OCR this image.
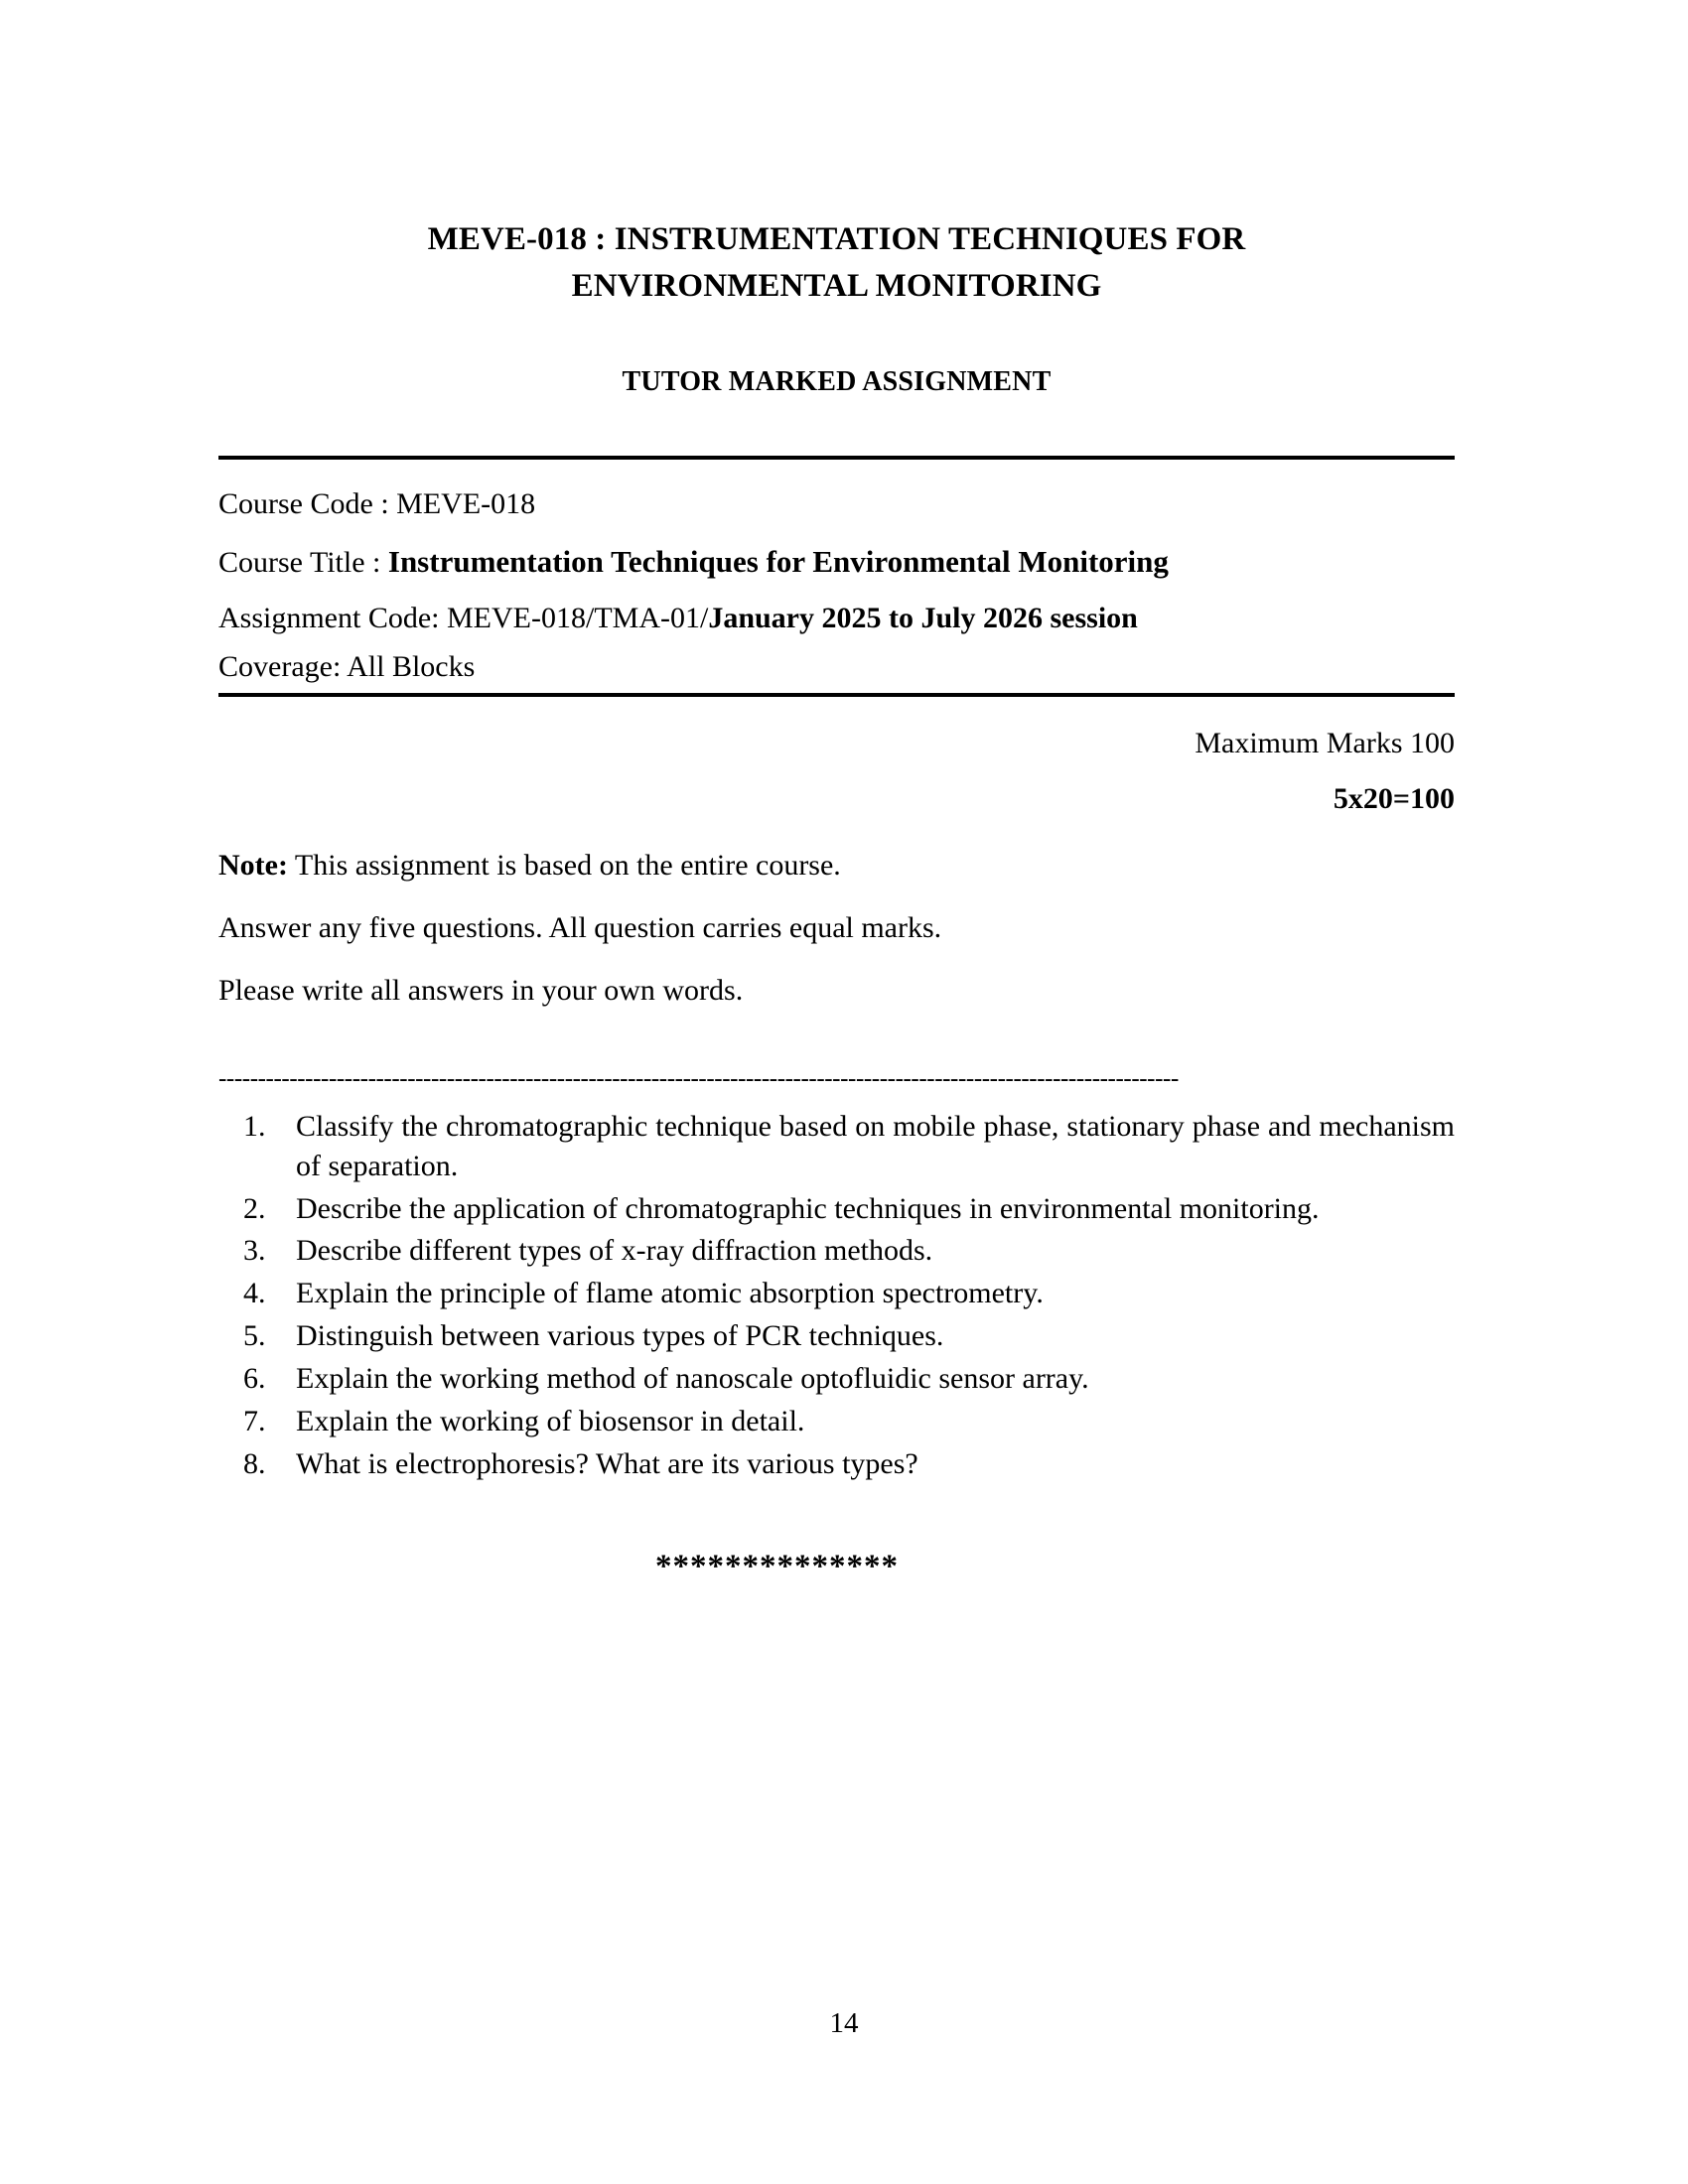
MEVE-018 : INSTRUMENTATION TECHNIQUES FOR
ENVIRONMENTAL MONITORING
TUTOR MARKED ASSIGNMENT

Course Code : MEVE-018

Course Title : Instrumentation Techniques for Environmental Monitoring

Assignment Code: MEVE-018/TMA-01/January 2025 to July 2026 session

Coverage: All Blocks

Maximum Marks 100

5x20=100

Note: This assignment is based on the entire course.

Answer any five questions. All question carries equal marks.

Please write all answers in your own words.

--------------------------------------------------------------------------------------------------------------------------
1.	Classify the chromatographic technique based on mobile phase, stationary phase and mechanism of separation.
2.	Describe the application of chromatographic techniques in environmental monitoring.
3.	Describe different types of x-ray diffraction methods.
4.	Explain the principle of flame atomic absorption spectrometry.
5.	Distinguish between various types of PCR techniques.
6.	Explain the working method of nanoscale optofluidic sensor array.
7.	Explain the working of biosensor in detail.
8.	What is electrophoresis? What are its various types?

**************

14
